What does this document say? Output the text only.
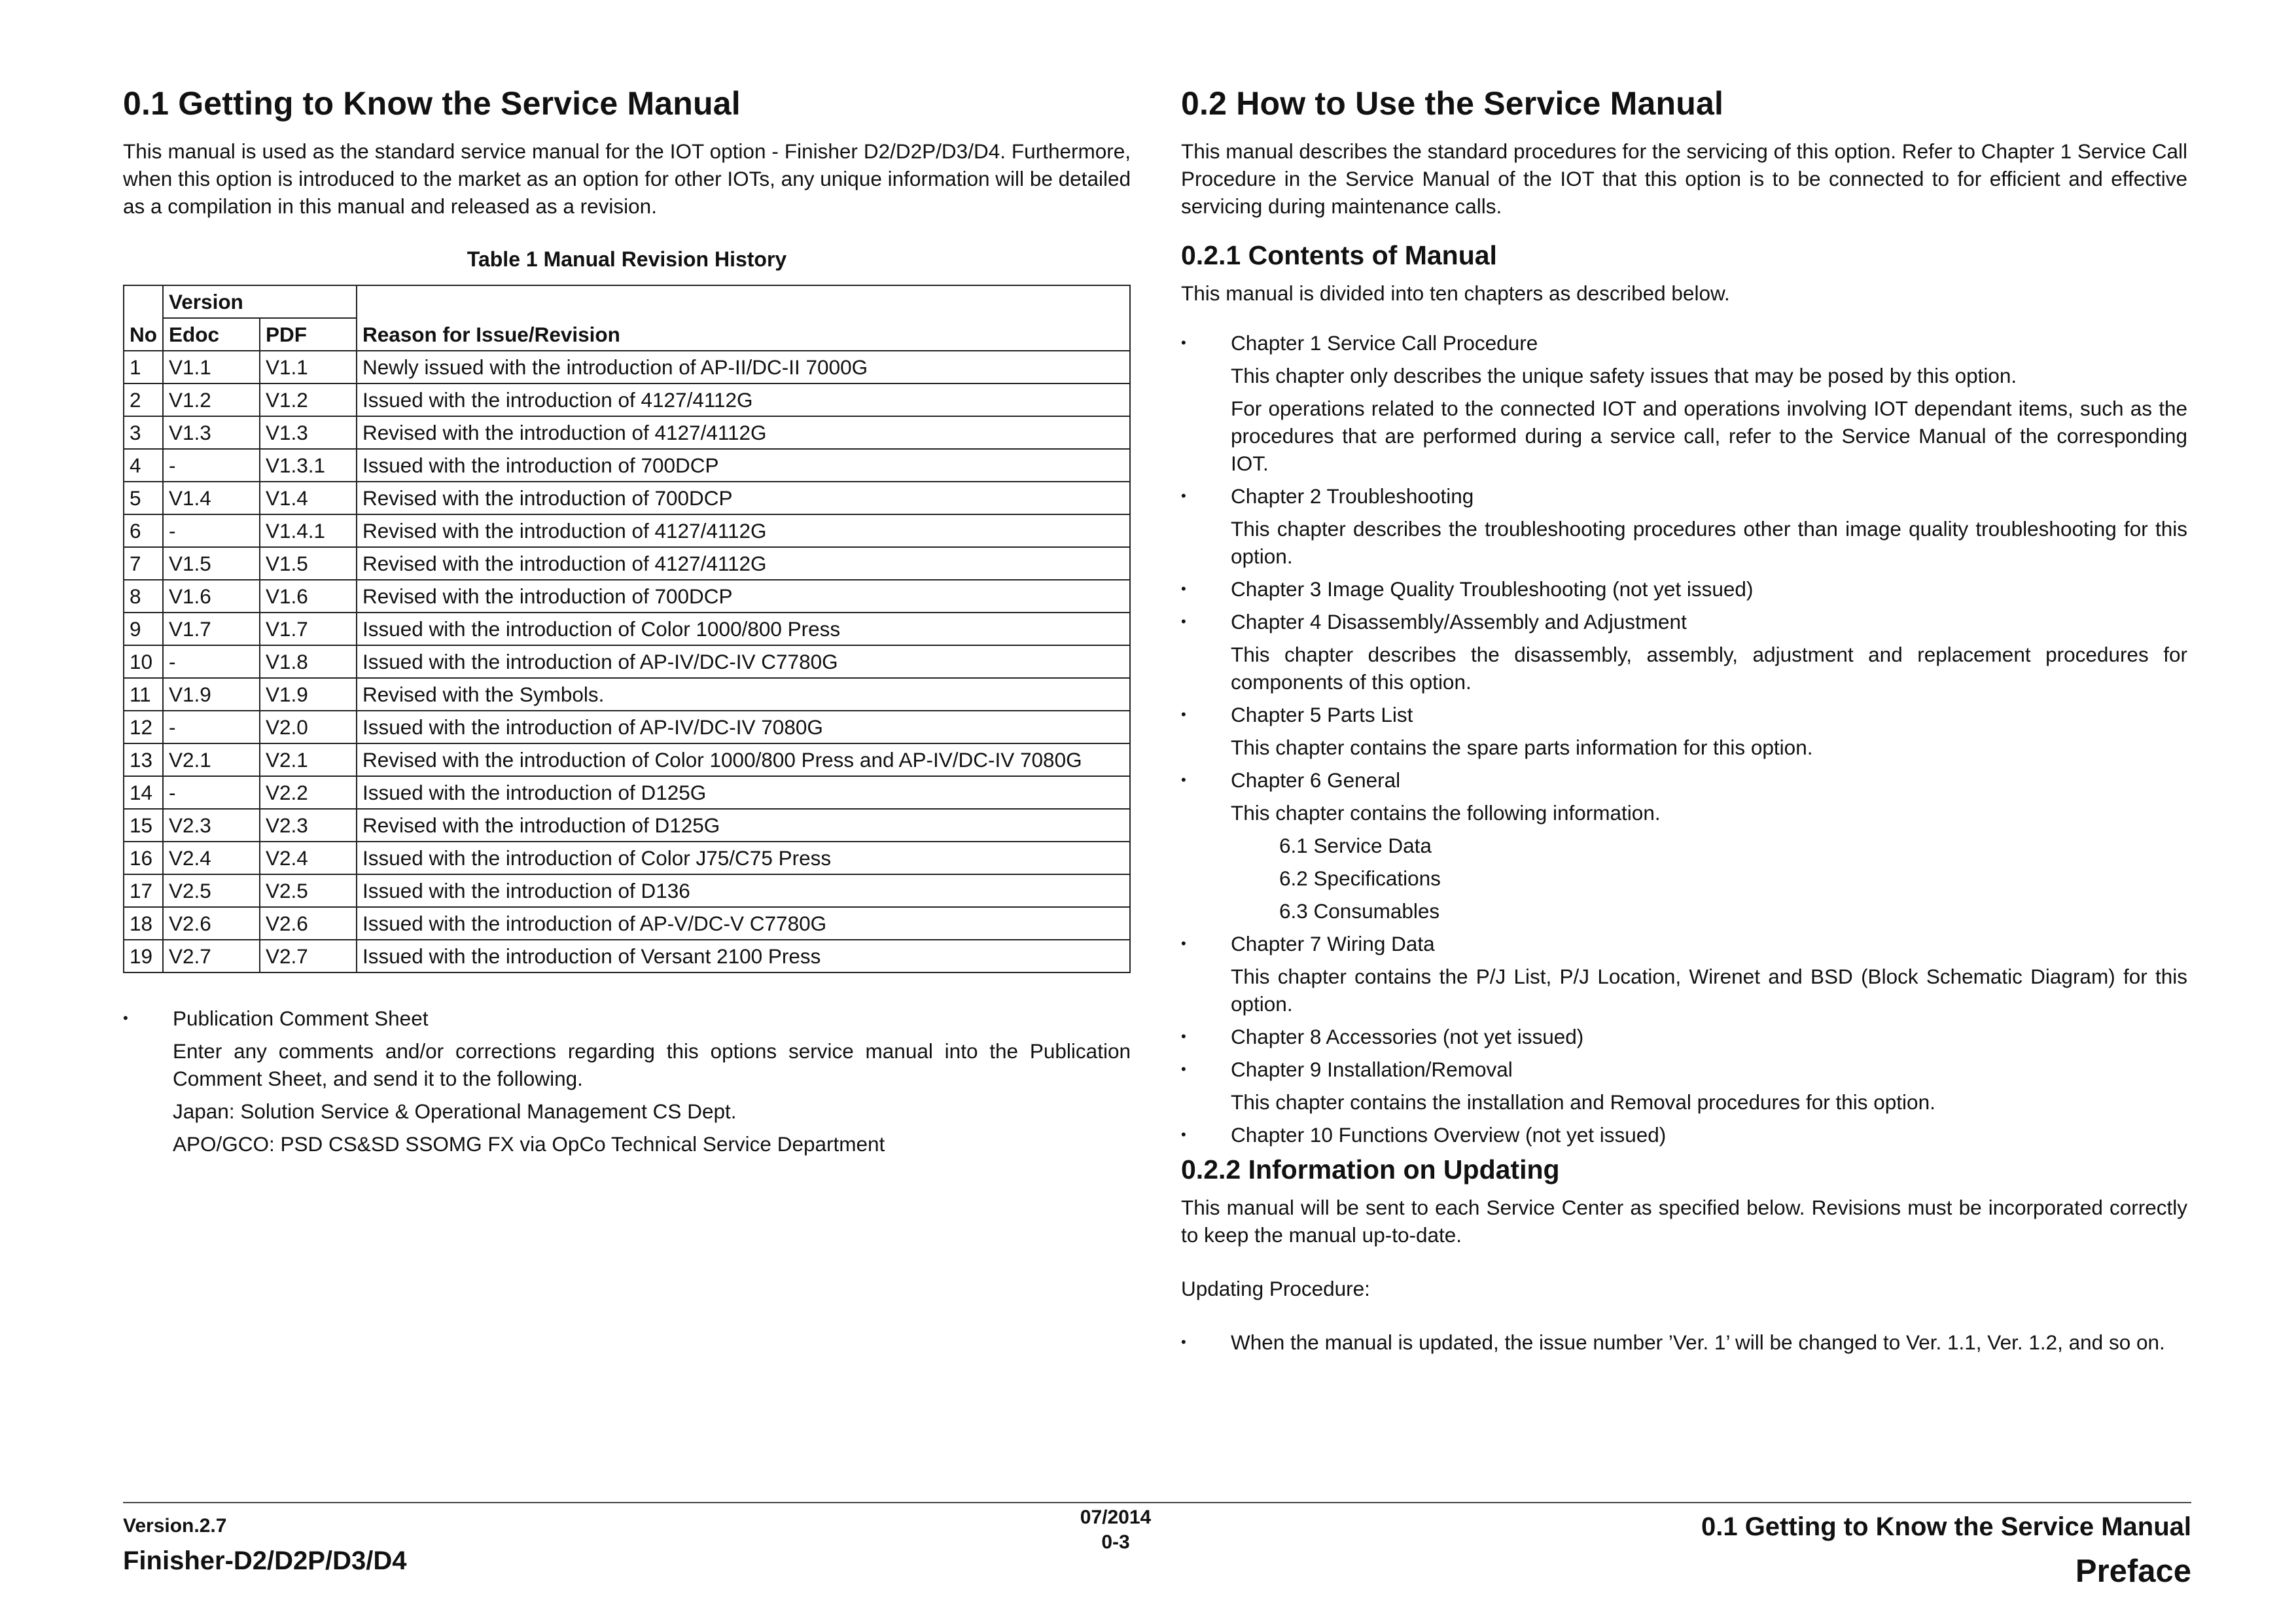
0.1 Getting to Know the Service Manual

This manual is used as the standard service manual for the IOT option - Finisher D2/D2P/D3/D4. Furthermore, when this option is introduced to the market as an option for other IOTs, any unique information will be detailed as a compilation in this manual and released as a revision.

Table 1 Manual Revision History
No	Version		Reason for Issue/Revision
	Edoc	PDF	
1	V1.1	V1.1	Newly issued with the introduction of AP-II/DC-II 7000G
2	V1.2	V1.2	Issued with the introduction of 4127/4112G
3	V1.3	V1.3	Revised with the introduction of 4127/4112G
4	-	V1.3.1	Issued with the introduction of 700DCP
5	V1.4	V1.4	Revised with the introduction of 700DCP
6	-	V1.4.1	Revised with the introduction of 4127/4112G
7	V1.5	V1.5	Revised with the introduction of 4127/4112G
8	V1.6	V1.6	Revised with the introduction of 700DCP
9	V1.7	V1.7	Issued with the introduction of Color 1000/800 Press
10	-	V1.8	Issued with the introduction of AP-IV/DC-IV C7780G
11	V1.9	V1.9	Revised with the Symbols.
12	-	V2.0	Issued with the introduction of AP-IV/DC-IV 7080G
13	V2.1	V2.1	Revised with the introduction of Color 1000/800 Press and AP-IV/DC-IV 7080G
14	-	V2.2	Issued with the introduction of D125G
15	V2.3	V2.3	Revised with the introduction of D125G
16	V2.4	V2.4	Issued with the introduction of Color J75/C75 Press
17	V2.5	V2.5	Issued with the introduction of D136
18	V2.6	V2.6	Issued with the introduction of AP-V/DC-V C7780G
19	V2.7	V2.7	Issued with the introduction of Versant 2100 Press
• Publication Comment Sheet
Enter any comments and/or corrections regarding this options service manual into the Publication Comment Sheet, and send it to the following.
Japan: Solution Service & Operational Management CS Dept.
APO/GCO: PSD CS&SD SSOMG FX via OpCo Technical Service Department
0.2 How to Use the Service Manual

This manual describes the standard procedures for the servicing of this option. Refer to Chapter 1 Service Call Procedure in the Service Manual of the IOT that this option is to be connected to for efficient and effective servicing during maintenance calls.

0.2.1 Contents of Manual

This manual is divided into ten chapters as described below.

• Chapter 1 Service Call Procedure
This chapter only describes the unique safety issues that may be posed by this option.
For operations related to the connected IOT and operations involving IOT dependant items, such as the procedures that are performed during a service call, refer to the Service Manual of the corresponding IOT.
• Chapter 2 Troubleshooting
This chapter describes the troubleshooting procedures other than image quality troubleshooting for this option.
• Chapter 3 Image Quality Troubleshooting (not yet issued)
• Chapter 4 Disassembly/Assembly and Adjustment
This chapter describes the disassembly, assembly, adjustment and replacement procedures for components of this option.
• Chapter 5 Parts List
This chapter contains the spare parts information for this option.
• Chapter 6 General
This chapter contains the following information.
6.1 Service Data
6.2 Specifications
6.3 Consumables
• Chapter 7 Wiring Data
This chapter contains the P/J List, P/J Location, Wirenet and BSD (Block Schematic Diagram) for this option.
• Chapter 8 Accessories (not yet issued)
• Chapter 9 Installation/Removal
This chapter contains the installation and Removal procedures for this option.
• Chapter 10 Functions Overview (not yet issued)
0.2.2 Information on Updating

This manual will be sent to each Service Center as specified below. Revisions must be incorporated correctly to keep the manual up-to-date.

Updating Procedure:

• When the manual is updated, the issue number ’Ver. 1’ will be changed to Ver. 1.1, Ver. 1.2, and so on.
Version.2.7
Finisher-D2/D2P/D3/D4
07/2014
0-3
0.1 Getting to Know the Service Manual
Preface
